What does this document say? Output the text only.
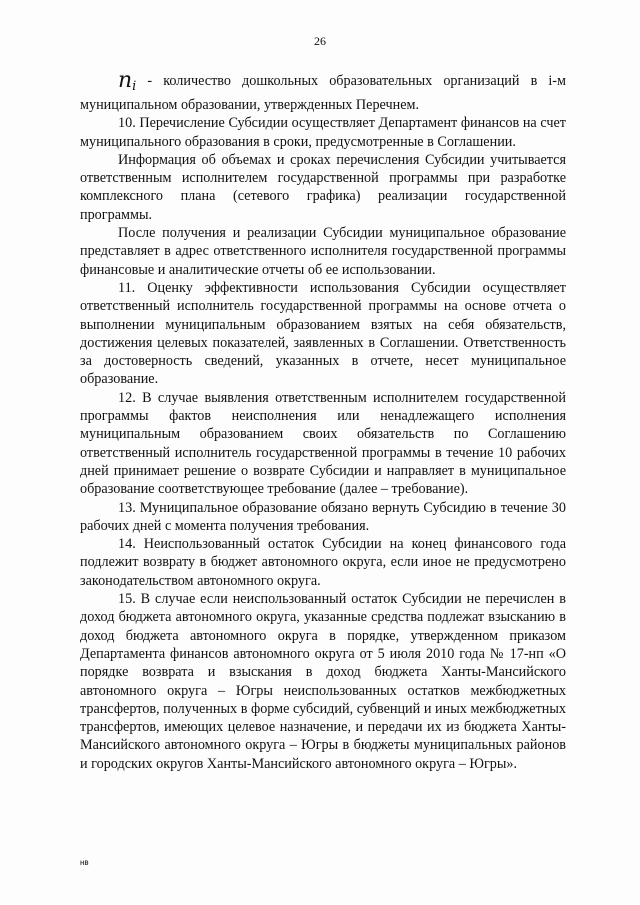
26

$n_i$ - количество дошкольных образовательных организаций в i-м муниципальном образовании, утвержденных Перечнем.

10. Перечисление Субсидии осуществляет Департамент финансов на счет муниципального образования в сроки, предусмотренные в Соглашении.

Информация об объемах и сроках перечисления Субсидии учитывается ответственным исполнителем государственной программы при разработке комплексного плана (сетевого графика) реализации государственной программы.

После получения и реализации Субсидии муниципальное образование представляет в адрес ответственного исполнителя государственной программы финансовые и аналитические отчеты об ее использовании.

11. Оценку эффективности использования Субсидии осуществляет ответственный исполнитель государственной программы на основе отчета о выполнении муниципальным образованием взятых на себя обязательств, достижения целевых показателей, заявленных в Соглашении. Ответственность за достоверность сведений, указанных в отчете, несет муниципальное образование.

12. В случае выявления ответственным исполнителем государственной программы фактов неисполнения или ненадлежащего исполнения муниципальным образованием своих обязательств по Соглашению ответственный исполнитель государственной программы в течение 10 рабочих дней принимает решение о возврате Субсидии и направляет в муниципальное образование соответствующее требование (далее – требование).

13. Муниципальное образование обязано вернуть Субсидию в течение 30 рабочих дней с момента получения требования.

14. Неиспользованный остаток Субсидии на конец финансового года подлежит возврату в бюджет автономного округа, если иное не предусмотрено законодательством автономного округа.

15. В случае если неиспользованный остаток Субсидии не перечислен в доход бюджета автономного округа, указанные средства подлежат взысканию в доход бюджета автономного округа в порядке, утвержденном приказом Департамента финансов автономного округа от 5 июля 2010 года № 17-нп «О порядке возврата и взыскания в доход бюджета Ханты-Мансийского автономного округа – Югры неиспользованных остатков межбюджетных трансфертов, полученных в форме субсидий, субвенций и иных межбюджетных трансфертов, имеющих целевое назначение, и передачи их из бюджета Ханты-Мансийского автономного округа – Югры в бюджеты муниципальных районов и городских округов Ханты-Мансийского автономного округа – Югры».

нв
